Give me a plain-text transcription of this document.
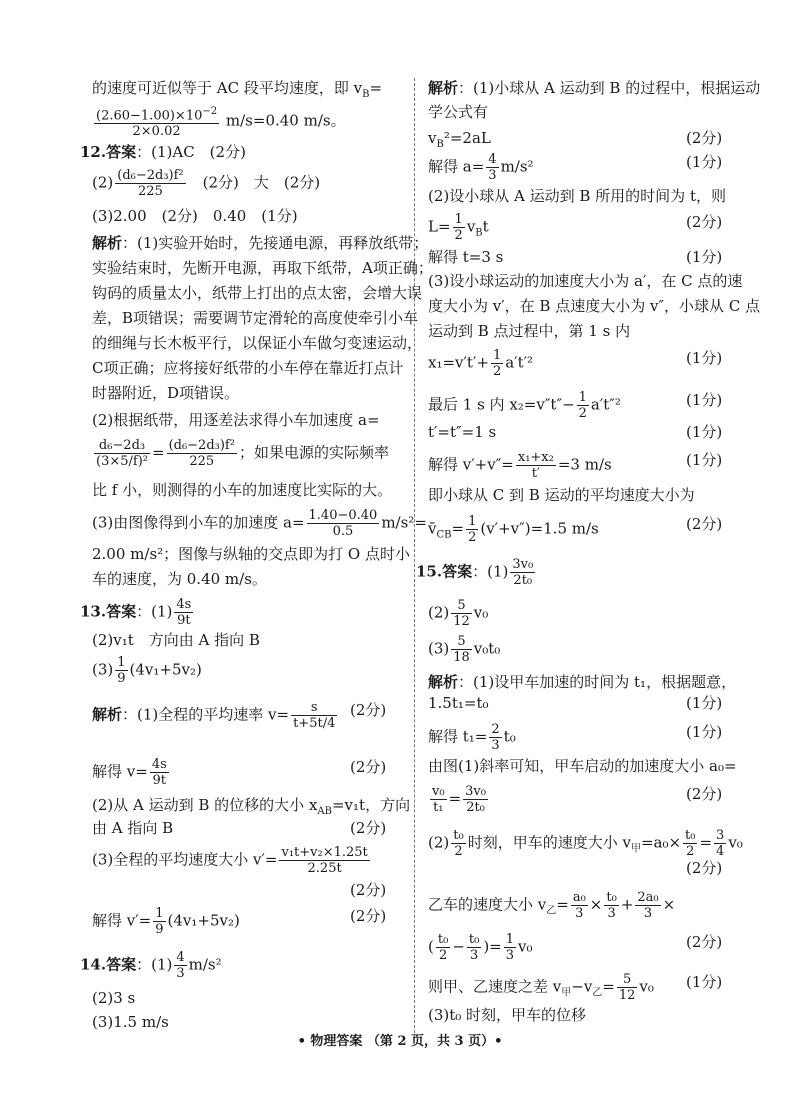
的速度可近似等于 AC 段平均速度，即 $v_B=$
$\frac{(2.60-1.00)\times 10^{-2}}{2\times 0.02} m/s=0.40$ m/s。
12.答案：(1)AC　(2分)
$(2) \frac{\text{(d₆−2d₃)f²}}{225}$ 　(2分)　大　(2分)
(3)2.00　(2分)　0.40　(1分)
解析：(1)实验开始时，先接通电源，再释放纸带；
实验结束时，先断开电源，再取下纸带，A项正确；
钩码的质量太小，纸带上打出的点太密，会增大误
差，B项错误；需要调节定滑轮的高度使牵引小车
的细绳与长木板平行，以保证小车做匀变速运动，
C项正确；应将接好纸带的小车停在靠近打点计
时器附近，D项错误。
(2)根据纸带，用逐差法求得小车加速度 a=
$\frac{\text{d₆−2d₃}}{\text{(3×5/f)²}} = \frac{\text{(d₆−2d₃)f²}}{225}$ ；如果电源的实际频率
比 f 小，则测得的小车的加速度比实际的大。
(3)由图像得到小车的加速度 $a= \frac{1.40-0.40}{0.5} m/s^2=$
2.00 m/s²；图像与纵轴的交点即为打 O 点时小
车的速度，为 0.40 m/s。
13.答案：$(1) \frac{4s}{9t}$
(2)v₁t　方向由 A 指向 B
$(3) \frac{1}{9} (4v_1+5v_2)$
解析：(1)全程的平均速率 $v= \frac{s}{t+5t/4} (2$分)
解得 $v= \frac{4s}{9t}$	(2分)
(2)从 A 运动到 B 的位移的大小 $x_{AB}=v_1t$，方向
由 A 指向 B	(2分)
(3)全程的平均速度大小 $v'= \frac{\text{v₁t+v₂×1.25t}}{2.25t}$
(2分)
解得 $v'= \frac{1}{9} (4v_1+5v_2)$	(2分)
14.答案：$(1) \frac{4}{3} m/s^2$
(2)3 s
(3)1.5 m/s
解析：(1)小球从 A 运动到 B 的过程中，根据运动
学公式有
$v_B^2=2aL$	(2分)
解得 $a= \frac{4}{3} m/s^2$	(1分)
(2)设小球从 A 运动到 B 所用的时间为 t，则
$L= \frac{1}{2} v_Bt$	(2分)
解得 t=3 s	(1分)
(3)设小球运动的加速度大小为 a′，在 C 点的速
度大小为 v′，在 B 点速度大小为 v″，小球从 C 点
运动到 B 点过程中，第 1 s 内
$x_1=v't'+ \frac{1}{2} a't'^2$	(1分)
最后 1 s 内 $x_2=v''t''- \frac{1}{2} a't''^2$	(1分)
t′=t″=1 s	(1分)
解得 $v'+v''= \frac{\text{x₁+x₂}}{t'} =3$ m/s	(1分)
即小球从 C 到 B 运动的平均速度大小为
$v̄_{CB}= \frac{1}{2} (v'+v'')=1.5$ m/s	(2分)
15.答案：$(1) \frac{\text{3v₀}}{\text{2t₀}}$
$(2) \frac{5}{12} v_0$
$(3) \frac{5}{18} v_0t_0$
解析：(1)设甲车加速的时间为 t₁，根据题意，
1.5t₁=t₀	(1分)
解得 $t_1= \frac{2}{3} t_0$	(1分)
由图(1)斜率可知，甲车启动的加速度大小 a₀=
$\frac{\text{v₀}}{\text{t₁}} = \frac{\text{3v₀}}{\text{2t₀}}$	(2分)
$(2) \frac{\text{t₀}}{2}$ 时刻，甲车的速度大小 $v_甲=a_0\times \frac{\text{t₀}}{2} = \frac{3}{4} v_0$
(2分)
乙车的速度大小 $v_乙= \frac{\text{a₀}}{3} \times \frac{\text{t₀}}{3} + \frac{\text{2a₀}}{3}$ ×
( $\frac{\text{t₀}}{2} - \frac{\text{t₀}}{3}$ )= $\frac{1}{3} v_0$	(2分)
则甲、乙速度之差 $v_甲-v_乙= \frac{5}{12} v_0$ (1分)
(3)t₀ 时刻，甲车的位移
• 物理答案 （第 2 页，共 3 页）•
